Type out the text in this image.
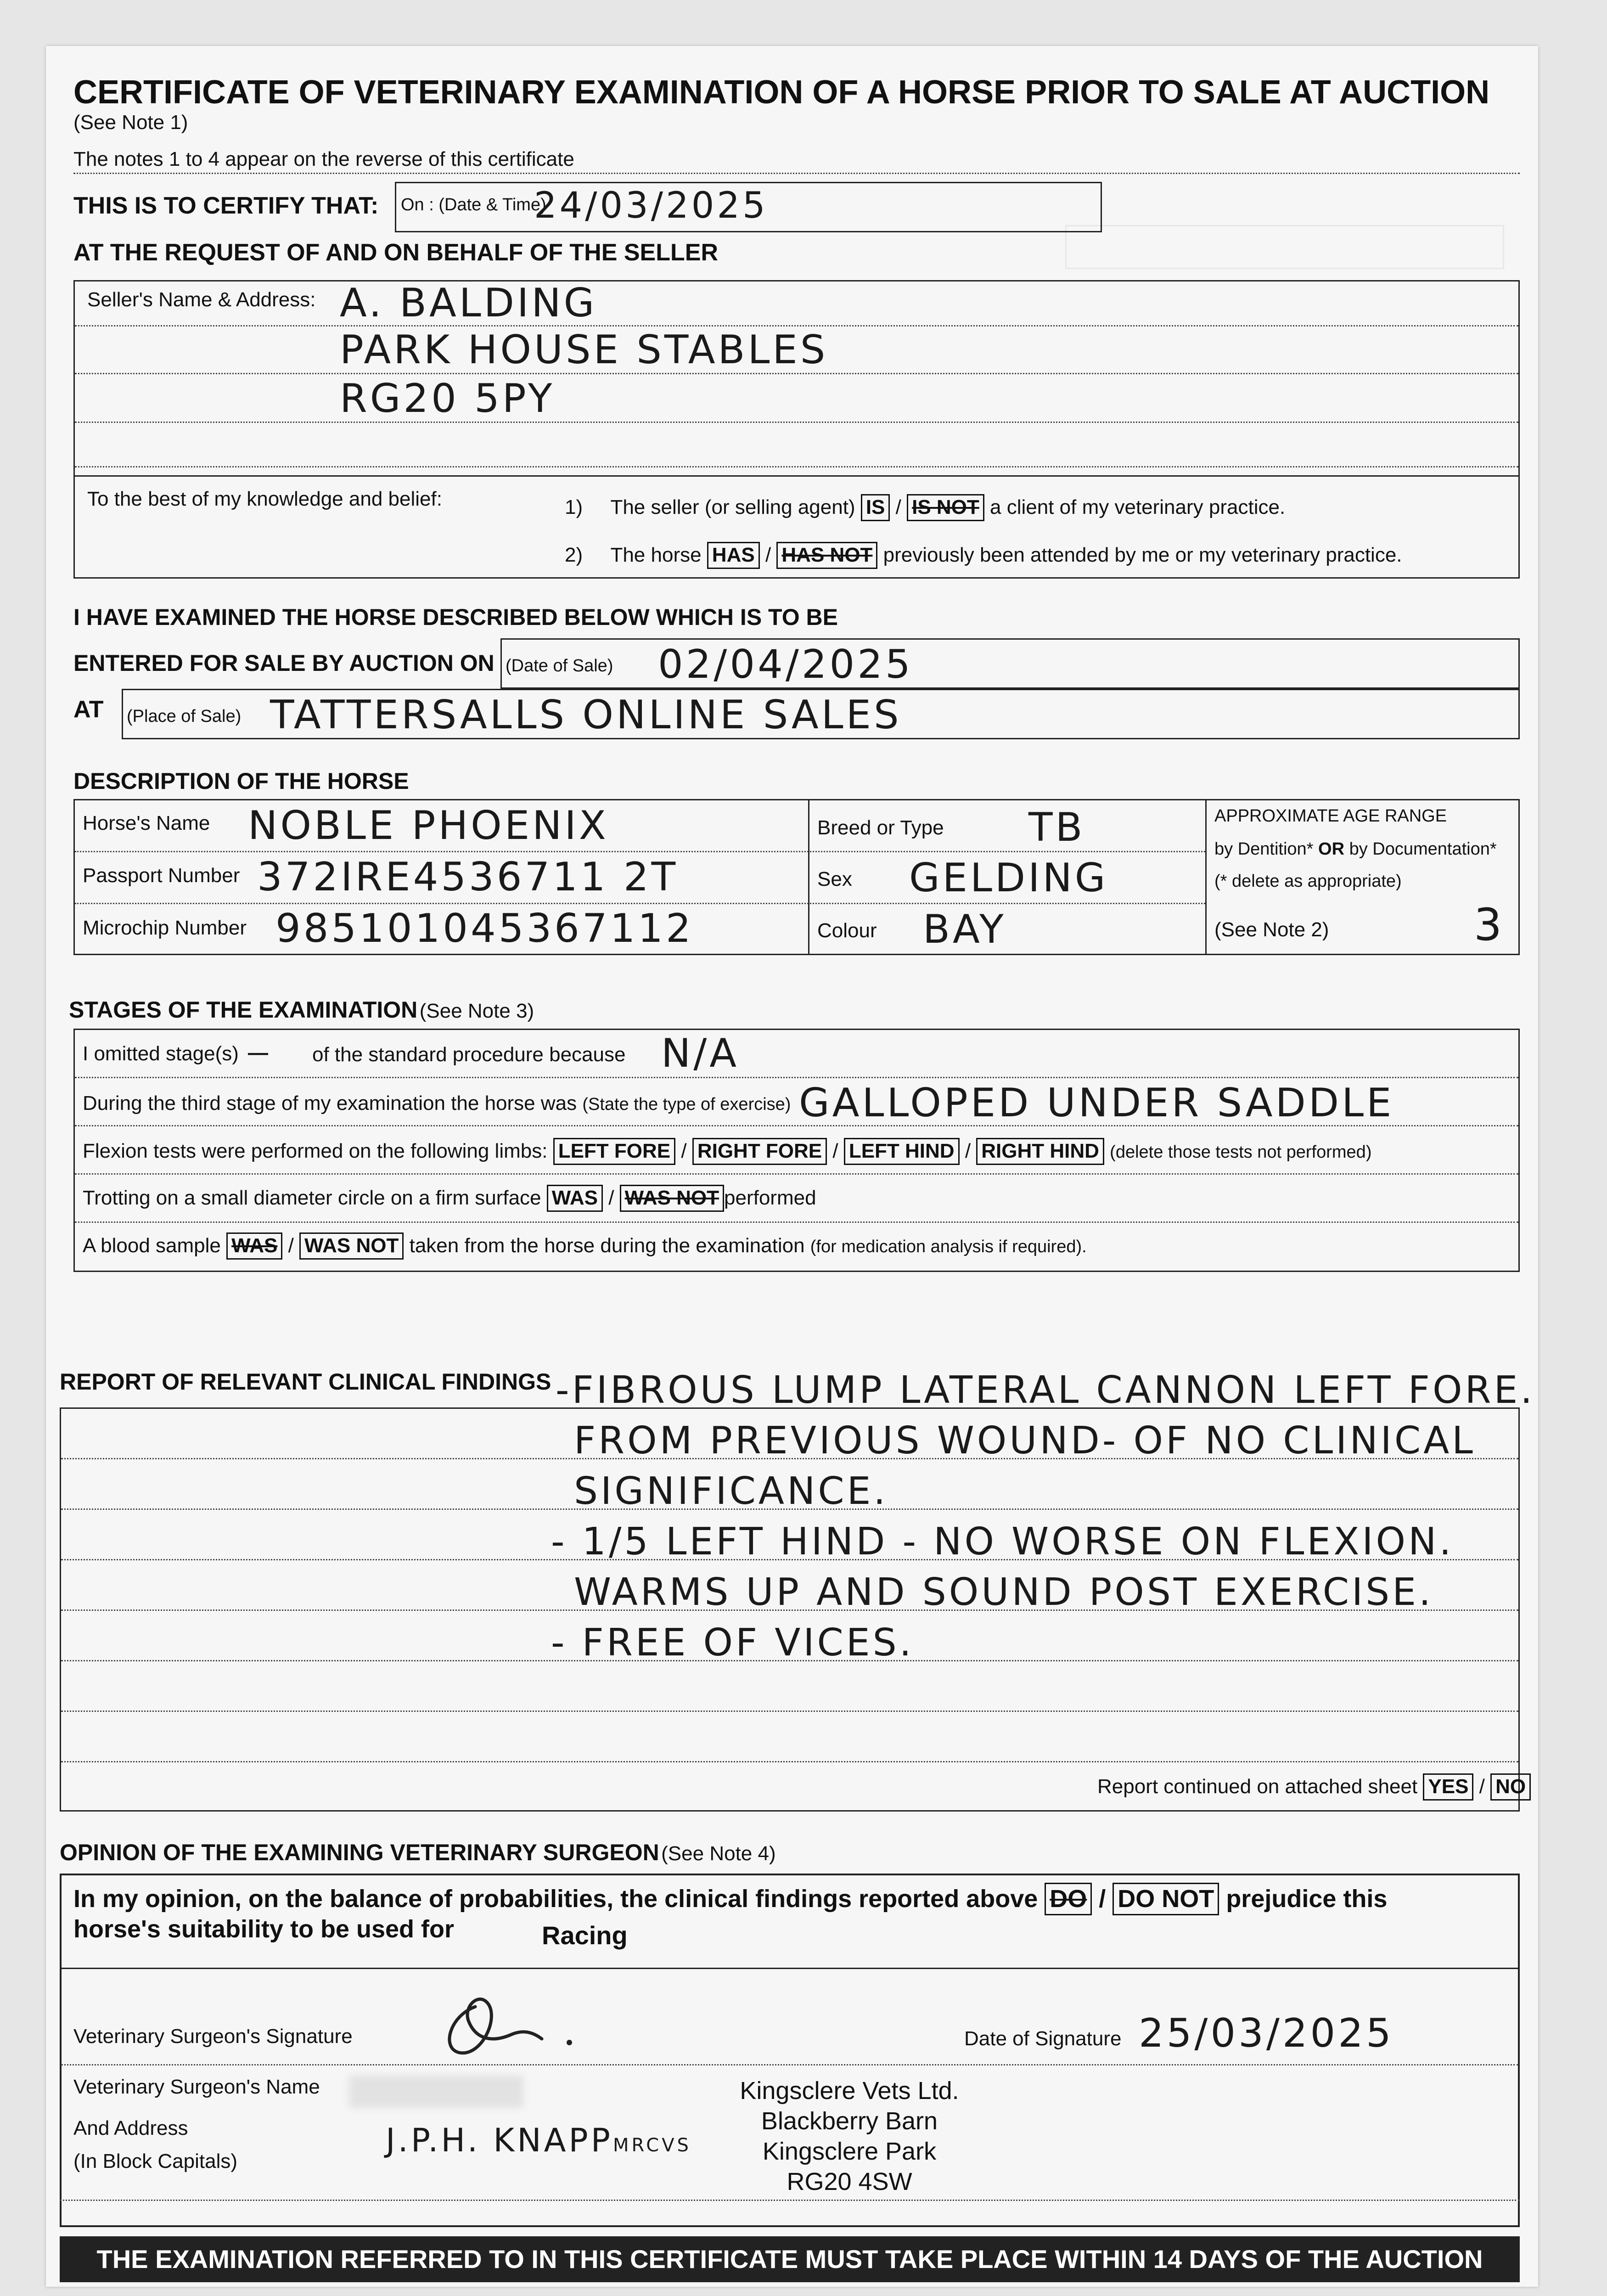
CERTIFICATE OF VETERINARY EXAMINATION OF A HORSE PRIOR TO SALE AT AUCTION
(See Note 1)
The notes 1 to 4 appear on the reverse of this certificate
THIS IS TO CERTIFY THAT: On : (Date & Time)
24/03/2025
AT THE REQUEST OF AND ON BEHALF OF THE SELLER
Seller's Name & Address: A. BALDING
PARK HOUSE STABLES
RG20 5PY
To the best of my knowledge and belief:	1) The seller (or selling agent) IS / IS NOT a client of my veterinary practice.
2) The horse HAS / HAS NOT previously been attended by me or my veterinary practice.
I HAVE EXAMINED THE HORSE DESCRIBED BELOW WHICH IS TO BE
ENTERED FOR SALE BY AUCTION ON (Date of Sale) 02/04/2025
AT (Place of Sale) TATTERSALLS ONLINE SALES
DESCRIPTION OF THE HORSE
Horse's Name NOBLE PHOENIX
Passport Number 372IRE4536711 2T
Microchip Number 985101045367112
Breed or Type TB
Sex GELDING
Colour BAY
APPROXIMATE AGE RANGE
by Dentition* OR by Documentation*
(* delete as appropriate)
(See Note 2)	3
STAGES OF THE EXAMINATION (See Note 3)
I omitted stage(s) — of the standard procedure because N/A
During the third stage of my examination the horse was (State the type of exercise) GALLOPED UNDER SADDLE
Flexion tests were performed on the following limbs: LEFT FORE / RIGHT FORE / LEFT HIND / RIGHT HIND (delete those tests not performed)
Trotting on a small diameter circle on a firm surface WAS / WAS NOT performed
A blood sample WAS / WAS NOT taken from the horse during the examination (for medication analysis if required).
REPORT OF RELEVANT CLINICAL FINDINGS -FIBROUS LUMP LATERAL CANNON LEFT FORE.
FROM PREVIOUS WOUND- OF NO CLINICAL
SIGNIFICANCE.
- 1/5 LEFT HIND - NO WORSE ON FLEXION.
WARMS UP AND SOUND POST EXERCISE.
- FREE OF VICES.
Report continued on attached sheet YES / NO
OPINION OF THE EXAMINING VETERINARY SURGEON (See Note 4)
In my opinion, on the balance of probabilities, the clinical findings reported above DO / DO NOT prejudice this
horse's suitability to be used for	Racing
Veterinary Surgeon's Signature	Date of Signature 25/03/2025
Veterinary Surgeon's Name
And Address
(In Block Capitals)
J.P.H. KNAPPMRCVS
Kingsclere Vets Ltd.
Blackberry Barn
Kingsclere Park
RG20 4SW
THE EXAMINATION REFERRED TO IN THIS CERTIFICATE MUST TAKE PLACE WITHIN 14 DAYS OF THE AUCTION
